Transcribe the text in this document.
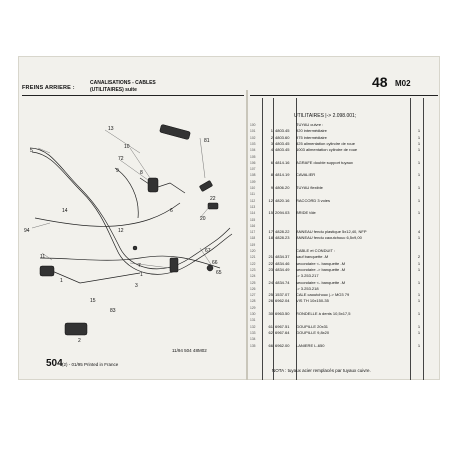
FREINS ARRIERE :
CANALISATIONS - CABLES
(UTILITAIRES) suite	48 M02
13
10
72
5
9
81
8
20
22
94
14	6
11
7
1
3
67
66
65
15
83
12
1
2
11/94 504 48M02
504 (2) - 01/95 Printed in France
UTILITAIRES |-> 2.098.001;
100	TUYAU cuivre :
101	1 4803.45	920 intermédiaire	1
102	2 4803.60	975 intermédiaire	1
103	3 4803.45	825 alimentation cylindre de roue	1
104	4 4803.45	1003 alimentation cylindre de roue	1
105
106	6 4814.16	AGRAFE double support tuyaux	1
107
108	8 4814.19	CAVALIER	1
109
110	9 4806.20	TUYAU flexible	1
111
112	12 4820.16	RACCORD 3 voies	1
113
114	15 2094.03	BRIDE tôle	1
115
116
117	17 4828.22	ANNEAU fendu plastique 5x12,40, NFP	4
118	18 4828.23	ANNEAU fendu caoutchouc 6,5x9,00	1
119
120	CABLE et CONDUIT :
121	21 4834.37	sauf banquette -M	2
122	22 4834.46	secondaire <- banquette -M	1
123	23 4834.49	secondaire -> banquette -M	1
124	-> 3.253.217
125	24 4834.74	secondaire <- banquette -M	1
126	-> 3.253.218
127	25 1537.07	CALE caoutchouc |-> MO3 79	1
128	26 6962.04	VIS TH 10x150-35	1
129
130	30 6963.50	RONDELLE à dents 10,5x17,5	1
131
132	61 6967.51	GOUPILLE 20x31	1
133	62 6967.64	GOUPILLE 9,8x20	1
134
135	66 6962.00	LANIERE L-650	1
NOTA : tuyaux acier remplacés par tuyaux cuivre.
